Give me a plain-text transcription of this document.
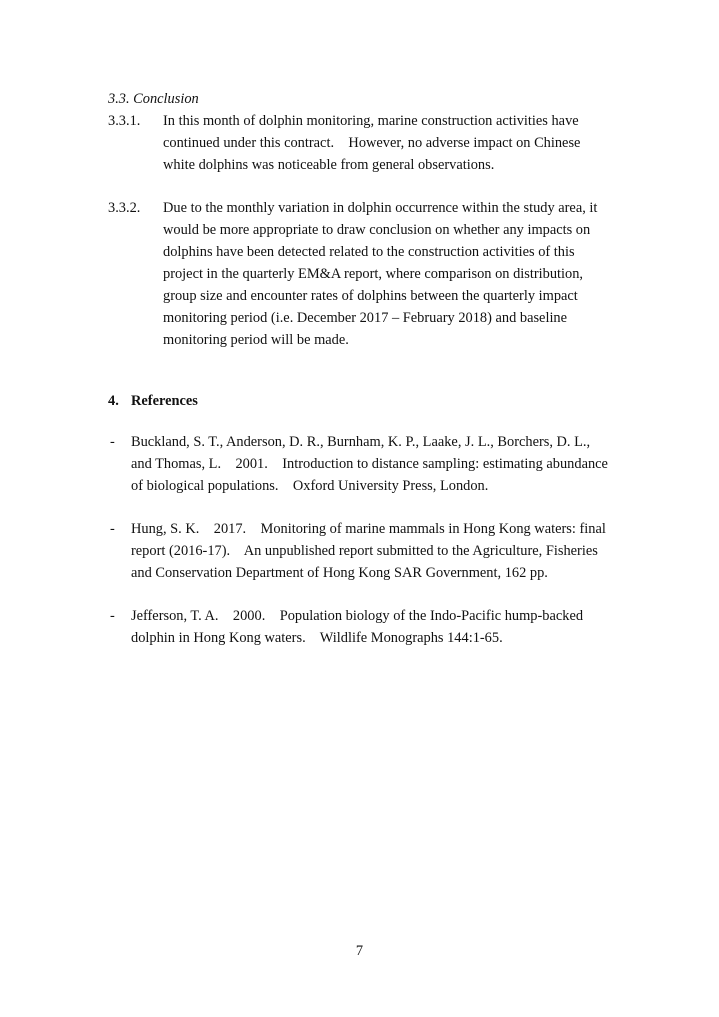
3.3. Conclusion
3.3.1. In this month of dolphin monitoring, marine construction activities have continued under this contract.    However, no adverse impact on Chinese white dolphins was noticeable from general observations.
3.3.2. Due to the monthly variation in dolphin occurrence within the study area, it would be more appropriate to draw conclusion on whether any impacts on dolphins have been detected related to the construction activities of this project in the quarterly EM&A report, where comparison on distribution, group size and encounter rates of dolphins between the quarterly impact monitoring period (i.e. December 2017 – February 2018) and baseline monitoring period will be made.
4. References
- Buckland, S. T., Anderson, D. R., Burnham, K. P., Laake, J. L., Borchers, D. L., and Thomas, L.    2001.    Introduction to distance sampling: estimating abundance of biological populations.    Oxford University Press, London.
- Hung, S. K.    2017.    Monitoring of marine mammals in Hong Kong waters: final report (2016-17).    An unpublished report submitted to the Agriculture, Fisheries and Conservation Department of Hong Kong SAR Government, 162 pp.
- Jefferson, T. A.    2000.    Population biology of the Indo-Pacific hump-backed dolphin in Hong Kong waters.    Wildlife Monographs 144:1-65.
7
